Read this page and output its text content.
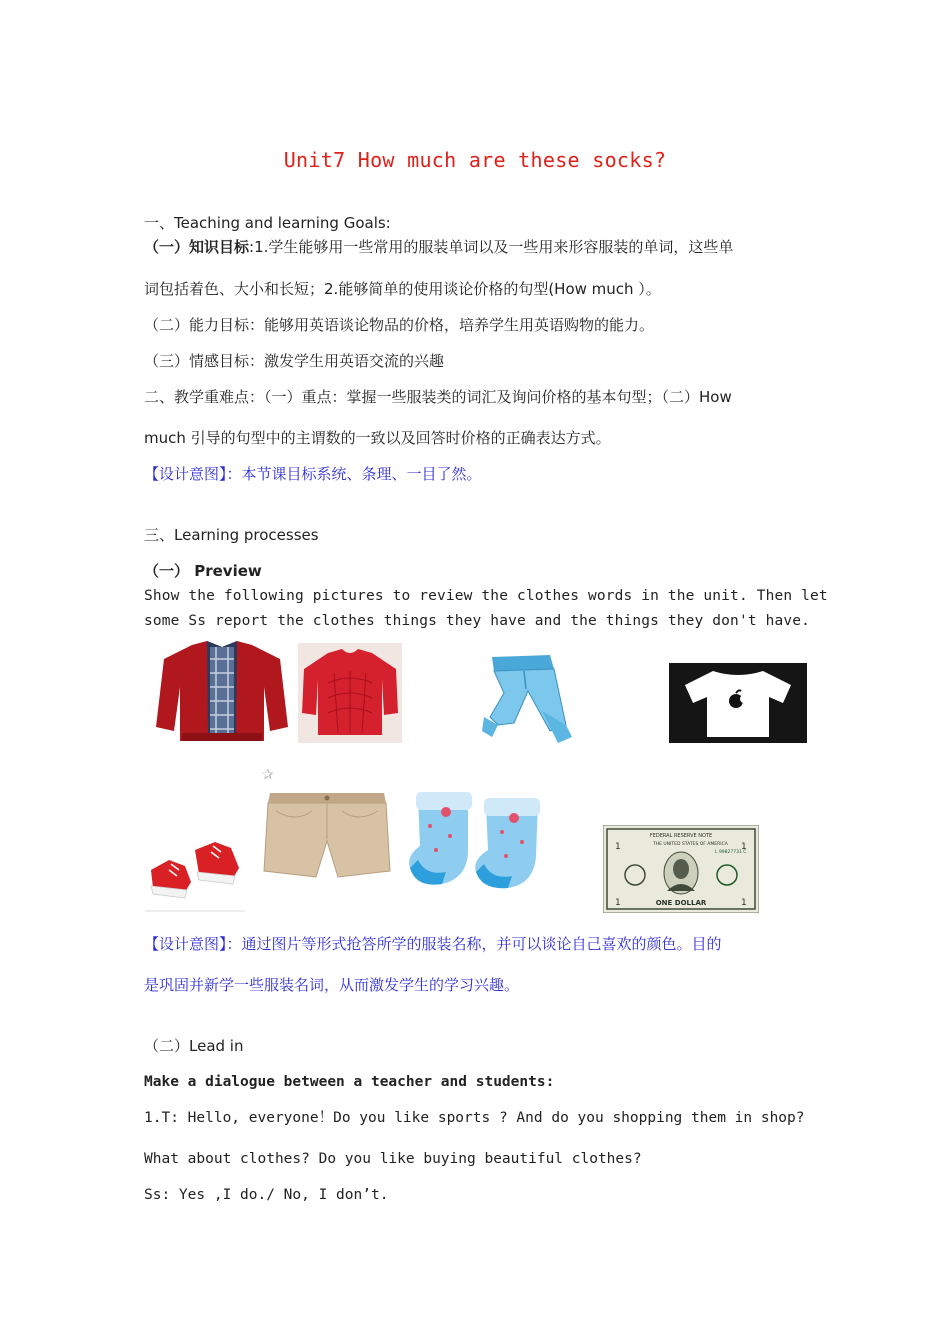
Unit7 How much are these socks?
一、Teaching and learning Goals:
（一）知识目标:1.学生能够用一些常用的服装单词以及一些用来形容服装的单词，这些单
词包括着色、大小和长短；2.能够简单的使用谈论价格的句型(How much ）。
（二）能力目标：能够用英语谈论物品的价格，培养学生用英语购物的能力。
（三）情感目标：激发学生用英语交流的兴趣
二、教学重难点：（一）重点：掌握一些服装类的词汇及询问价格的基本句型；（二）How
much 引导的句型中的主谓数的一致以及回答时价格的正确表达方式。
【设计意图】：本节课目标系统、条理、一目了然。
三、Learning processes
（一） Preview
Show the following pictures to review the clothes words in the unit. Then let
some Ss report the clothes things they have and the things they don't have.
✰
FEDERAL RESERVE NOTE
THE UNITED STATES OF AMERICA
L 99827731 C
1	1
1	1
ONE DOLLAR
【设计意图】：通过图片等形式抢答所学的服装名称，并可以谈论自己喜欢的颜色。目的
是巩固并新学一些服装名词，从而激发学生的学习兴趣。
（二）Lead in
Make a dialogue between a teacher and students:
1.T: Hello, everyone！Do you like sports ? And do you shopping them in shop?
What about clothes? Do you like buying beautiful clothes?
Ss: Yes ,I do./ No, I don’t.
